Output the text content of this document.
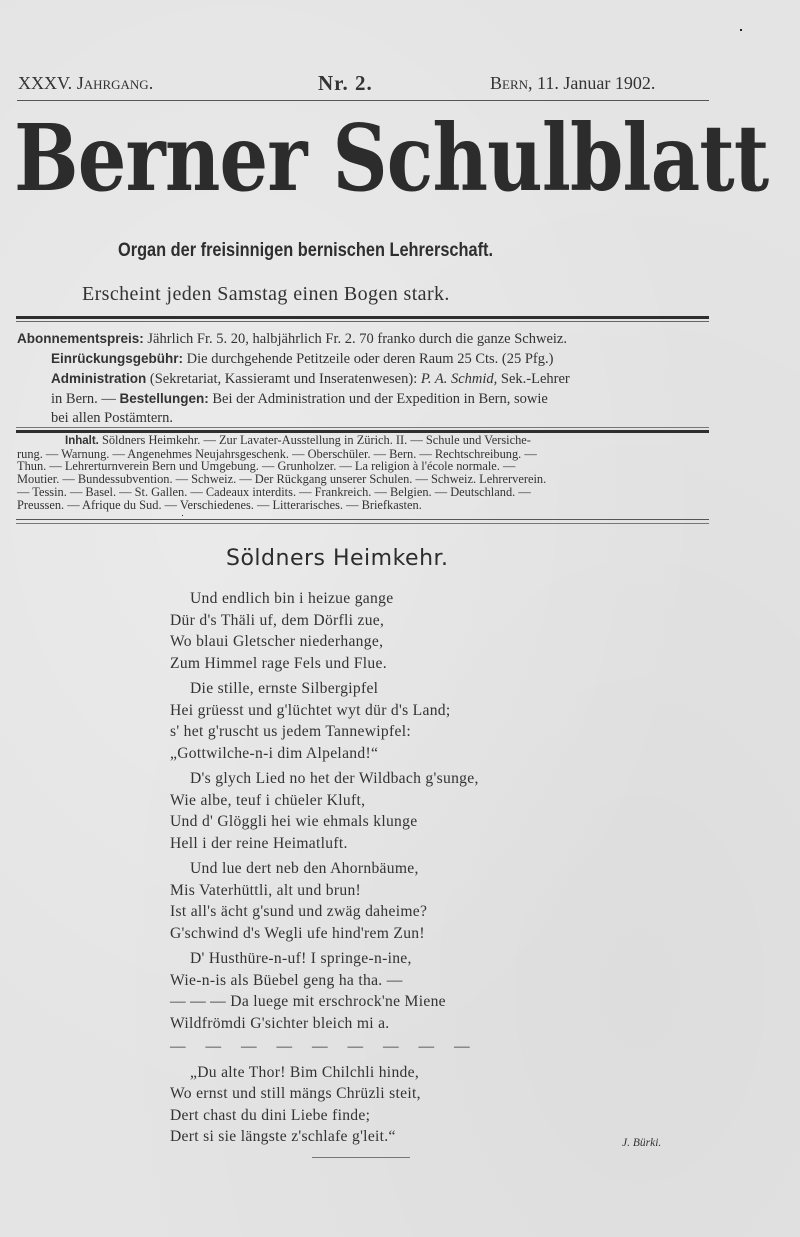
XXXV. Jahrgang.	Nr. 2.	Bern, 11. Januar 1902.
Berner Schulblatt
Organ der freisinnigen bernischen Lehrerschaft.
Erscheint jeden Samstag einen Bogen stark.
Abonnementspreis: Jährlich Fr. 5. 20, halbjährlich Fr. 2. 70 franko durch die ganze Schweiz.
Einrückungsgebühr: Die durchgehende Petitzeile oder deren Raum 25 Cts. (25 Pfg.)
Administration (Sekretariat, Kassieramt und Inseratenwesen): P. A. Schmid, Sek.-Lehrer
in Bern. — Bestellungen: Bei der Administration und der Expedition in Bern, sowie
bei allen Postämtern.
Inhalt. Söldners Heimkehr. — Zur Lavater-Ausstellung in Zürich. II. — Schule und Versiche-
rung. — Warnung. — Angenehmes Neujahrsgeschenk. — Oberschüler. — Bern. — Rechtschreibung. —
Thun. — Lehrerturnverein Bern und Umgebung. — Grunholzer. — La religion à l'école normale. —
Moutier. — Bundessubvention. — Schweiz. — Der Rückgang unserer Schulen. — Schweiz. Lehrerverein.
— Tessin. — Basel. — St. Gallen. — Cadeaux interdits. — Frankreich. — Belgien. — Deutschland. —
Preussen. — Afrique du Sud. — Verschiedenes. — Litterarisches. — Briefkasten.
Söldners Heimkehr.
Und endlich bin i heizue gange
Dür d's Thäli uf, dem Dörfli zue,
Wo blaui Gletscher niederhange,
Zum Himmel rage Fels und Flue.
Die stille, ernste Silbergipfel
Hei grüesst und g'lüchtet wyt dür d's Land;
s' het g'ruscht us jedem Tannewipfel:
„Gottwilche-n-i dim Alpeland!“
D's glych Lied no het der Wildbach g'sunge,
Wie albe, teuf i chüeler Kluft,
Und d' Glöggli hei wie ehmals klunge
Hell i der reine Heimatluft.
Und lue dert neb den Ahornbäume,
Mis Vaterhüttli, alt und brun!
Ist all's ächt g'sund und zwäg daheime?
G'schwind d's Wegli ufe hind'rem Zun!
D' Husthüre-n-uf! I springe-n-ine,
Wie-n-is als Büebel geng ha tha. —
— — — Da luege mit erschrock'ne Miene
Wildfrömdi G'sichter bleich mi a.
— — — — — — — — —
„Du alte Thor! Bim Chilchli hinde,
Wo ernst und still mängs Chrüzli steit,
Dert chast du dini Liebe finde;
Dert si sie längste z'schlafe g'leit.“	J. Bürki.
